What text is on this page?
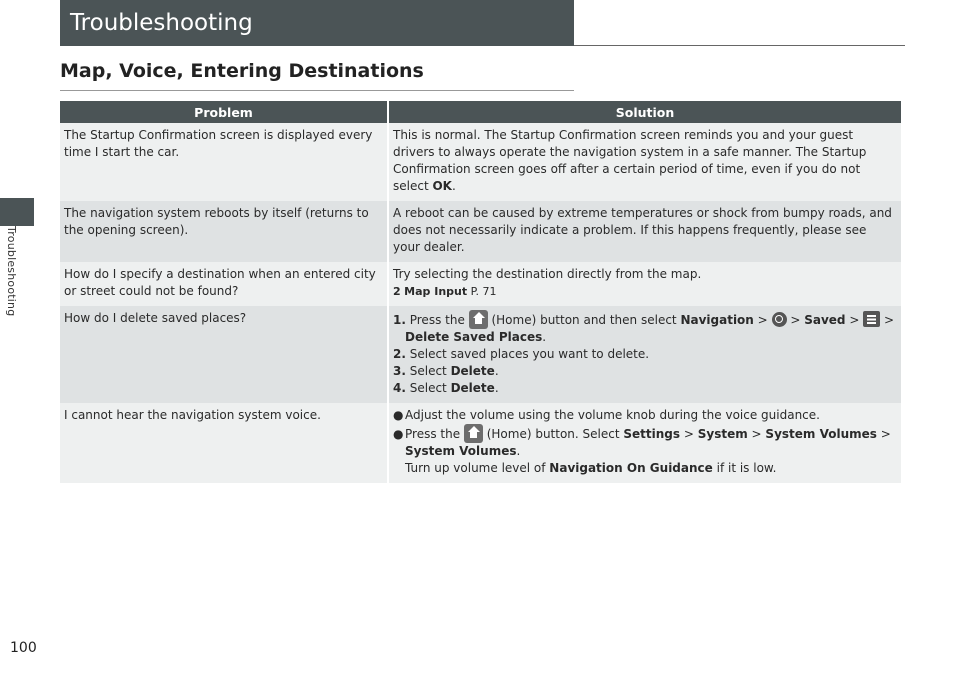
Troubleshooting
Troubleshooting
Map, Voice, Entering Destinations
Problem	Solution
The Startup Confirmation screen is displayed every time I start the car.	This is normal. The Startup Confirmation screen reminds you and your guest drivers to always operate the navigation system in a safe manner. The Startup Confirmation screen goes off after a certain period of time, even if you do not select OK.
The navigation system reboots by itself (returns to the opening screen).	A reboot can be caused by extreme temperatures or shock from bumpy roads, and does not necessarily indicate a problem. If this happens frequently, please see your dealer.
How do I specify a destination when an entered city or street could not be found?	Try selecting the destination directly from the map.
2 Map Input P. 71

How do I delete saved places?	1. Press the  (Home) button and then select Navigation >  > Saved >  >
Delete Saved Places.
2. Select saved places you want to delete.
3. Select Delete.
4. Select Delete.

I cannot hear the navigation system voice.	● Adjust the volume using the volume knob during the voice guidance.
● Press the  (Home) button. Select Settings > System > System Volumes >
System Volumes.
Turn up volume level of Navigation On Guidance if it is low.
100
